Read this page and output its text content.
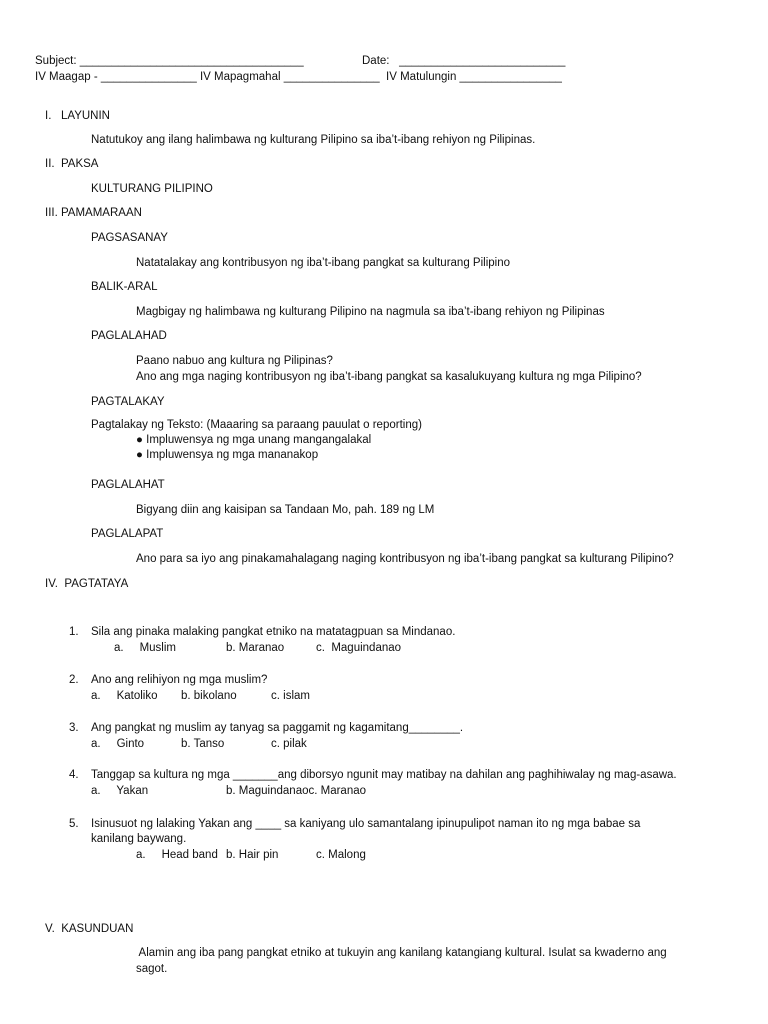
Subject: ___________________________________	Date:   __________________________
IV Maagap - _______________ IV Mapagmahal _______________  IV Matulungin ________________
I.   LAYUNIN
Natutukoy ang ilang halimbawa ng kulturang Pilipino sa iba’t-ibang rehiyon ng Pilipinas.
II.  PAKSA
KULTURANG PILIPINO
III. PAMAMARAAN
PAGSASANAY
Natatalakay ang kontribusyon ng iba’t-ibang pangkat sa kulturang Pilipino
BALIK-ARAL
Magbigay ng halimbawa ng kulturang Pilipino na nagmula sa iba’t-ibang rehiyon ng Pilipinas
PAGLALAHAD
Paano nabuo ang kultura ng Pilipinas?
Ano ang mga naging kontribusyon ng iba’t-ibang pangkat sa kasalukuyang kultura ng mga Pilipino?
PAGTALAKAY
Pagtalakay ng Teksto: (Maaaring sa paraang pauulat o reporting)
● Impluwensya ng mga unang mangangalakal
● Impluwensya ng mga mananakop
PAGLALAHAT
Bigyang diin ang kaisipan sa Tandaan Mo, pah. 189 ng LM
PAGLALAPAT
Ano para sa iyo ang pinakamahalagang naging kontribusyon ng iba’t-ibang pangkat sa kulturang Pilipino?
IV.  PAGTATAYA
1. Sila ang pinaka malaking pangkat etniko na matatagpuan sa Mindanao.
a.     Muslim	b. Maranao	c.  Maguindanao
2. Ano ang relihiyon ng mga muslim?
a.     Katoliko b. bikolano	c. islam
3. Ang pangkat ng muslim ay tanyag sa paggamit ng kagamitang________.
a.     Ginto	b. Tanso	c. pilak
4. Tanggap sa kultura ng mga _______ang diborsyo ngunit may matibay na dahilan ang paghihiwalay ng mag-asawa.
a.     Yakan	b. Maguindanaoc. Maranao
5. Isinusuot ng lalaking Yakan ang ____ sa kaniyang ulo samantalang ipinupulipot naman ito ng mga babae sa
kanilang baywang.
a.     Head band b. Hair pin	c. Malong
V.  KASUNDUAN
Alamin ang iba pang pangkat etniko at tukuyin ang kanilang katangiang kultural. Isulat sa kwaderno ang
sagot.
